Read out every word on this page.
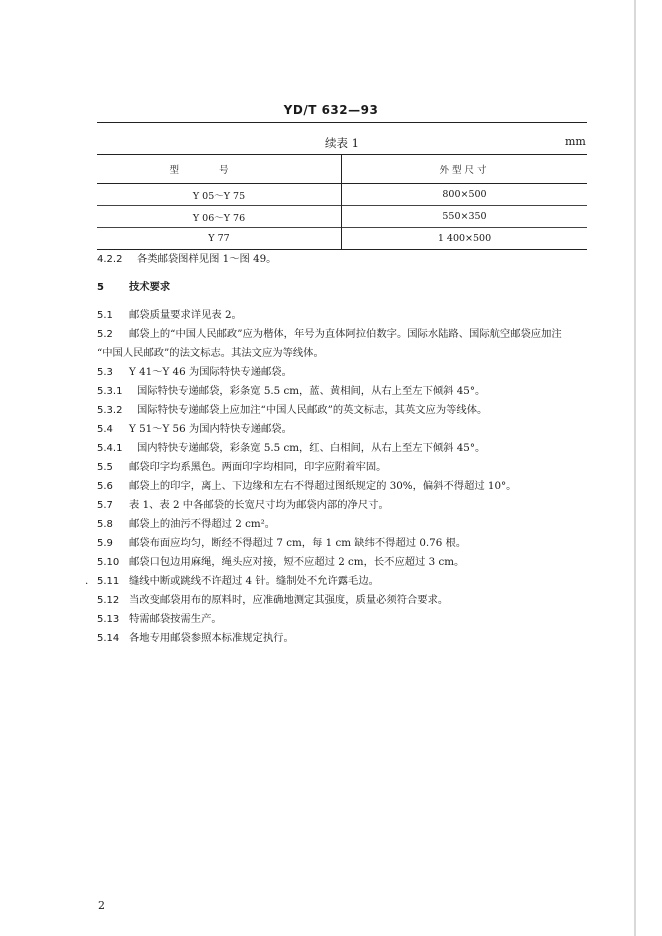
YD/T 632—93
续表 1	mm
型号	外型尺寸
Y 05～Y 75	800×500
Y 06～Y 76	550×350
Y 77	1 400×500
4.2.2 各类邮袋图样见图 1～图 49。
5 技术要求
5.1 邮袋质量要求详见表 2。
5.2 邮袋上的“中国人民邮政”应为楷体，年号为直体阿拉伯数字。国际水陆路、国际航空邮袋应加注
“中国人民邮政”的法文标志。其法文应为等线体。
5.3 Y 41～Y 46 为国际特快专递邮袋。
5.3.1 国际特快专递邮袋，彩条宽 5.5 cm，蓝、黄相间，从右上至左下倾斜 45°。
5.3.2 国际特快专递邮袋上应加注“中国人民邮政”的英文标志，其英文应为等线体。
5.4 Y 51～Y 56 为国内特快专递邮袋。
5.4.1 国内特快专递邮袋，彩条宽 5.5 cm，红、白相间，从右上至左下倾斜 45°。
5.5 邮袋印字均系黑色。两面印字均相同，印字应附着牢固。
5.6 邮袋上的印字，离上、下边缘和左右不得超过图纸规定的 30%，偏斜不得超过 10°。
5.7 表 1、表 2 中各邮袋的长宽尺寸均为邮袋内部的净尺寸。
5.8 邮袋上的油污不得超过 2 cm²。
5.9 邮袋布面应均匀，断经不得超过 7 cm，每 1 cm 缺纬不得超过 0.76 根。
5.10 邮袋口包边用麻绳，绳头应对接，短不应超过 2 cm，长不应超过 3 cm。
. 5.11 缝线中断或跳线不许超过 4 针。缝制处不允许露毛边。
5.12 当改变邮袋用布的原料时，应准确地测定其强度，质量必须符合要求。
5.13 特需邮袋按需生产。
5.14 各地专用邮袋参照本标准规定执行。
2
